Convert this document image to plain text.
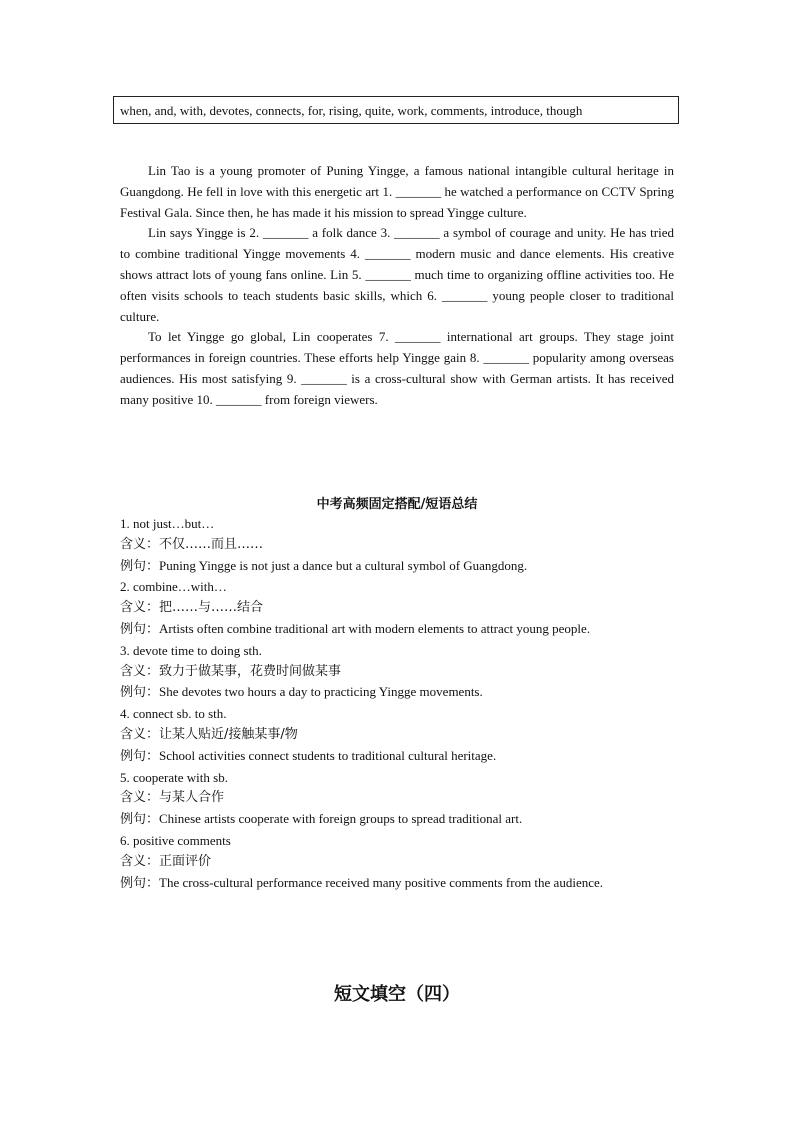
when, and, with, devotes, connects, for, rising, quite, work, comments, introduce, though

Lin Tao is a young promoter of Puning Yingge, a famous national intangible cultural heritage in Guangdong. He fell in love with this energetic art 1. _______ he watched a performance on CCTV Spring Festival Gala. Since then, he has made it his mission to spread Yingge culture.

Lin says Yingge is 2. _______ a folk dance 3. _______ a symbol of courage and unity. He has tried to combine traditional Yingge movements 4. _______ modern music and dance elements. His creative shows attract lots of young fans online. Lin 5. _______ much time to organizing offline activities too. He often visits schools to teach students basic skills, which 6. _______ young people closer to traditional culture.

To let Yingge go global, Lin cooperates 7. _______ international art groups. They stage joint performances in foreign countries. These efforts help Yingge gain 8. _______ popularity among overseas audiences. His most satisfying 9. _______ is a cross-cultural show with German artists. It has received many positive 10. _______ from foreign viewers.

中考高频固定搭配/短语总结

1. not just…but…

含义：不仅……而且……

例句：Puning Yingge is not just a dance but a cultural symbol of Guangdong.

2. combine…with…

含义：把……与……结合

例句：Artists often combine traditional art with modern elements to attract young people.

3. devote time to doing sth.

含义：致力于做某事，花费时间做某事

例句：She devotes two hours a day to practicing Yingge movements.

4. connect sb. to sth.

含义：让某人贴近/接触某事/物

例句：School activities connect students to traditional cultural heritage.

5. cooperate with sb.

含义：与某人合作

例句：Chinese artists cooperate with foreign groups to spread traditional art.

6. positive comments

含义：正面评价

例句：The cross-cultural performance received many positive comments from the audience.

短文填空（四）
